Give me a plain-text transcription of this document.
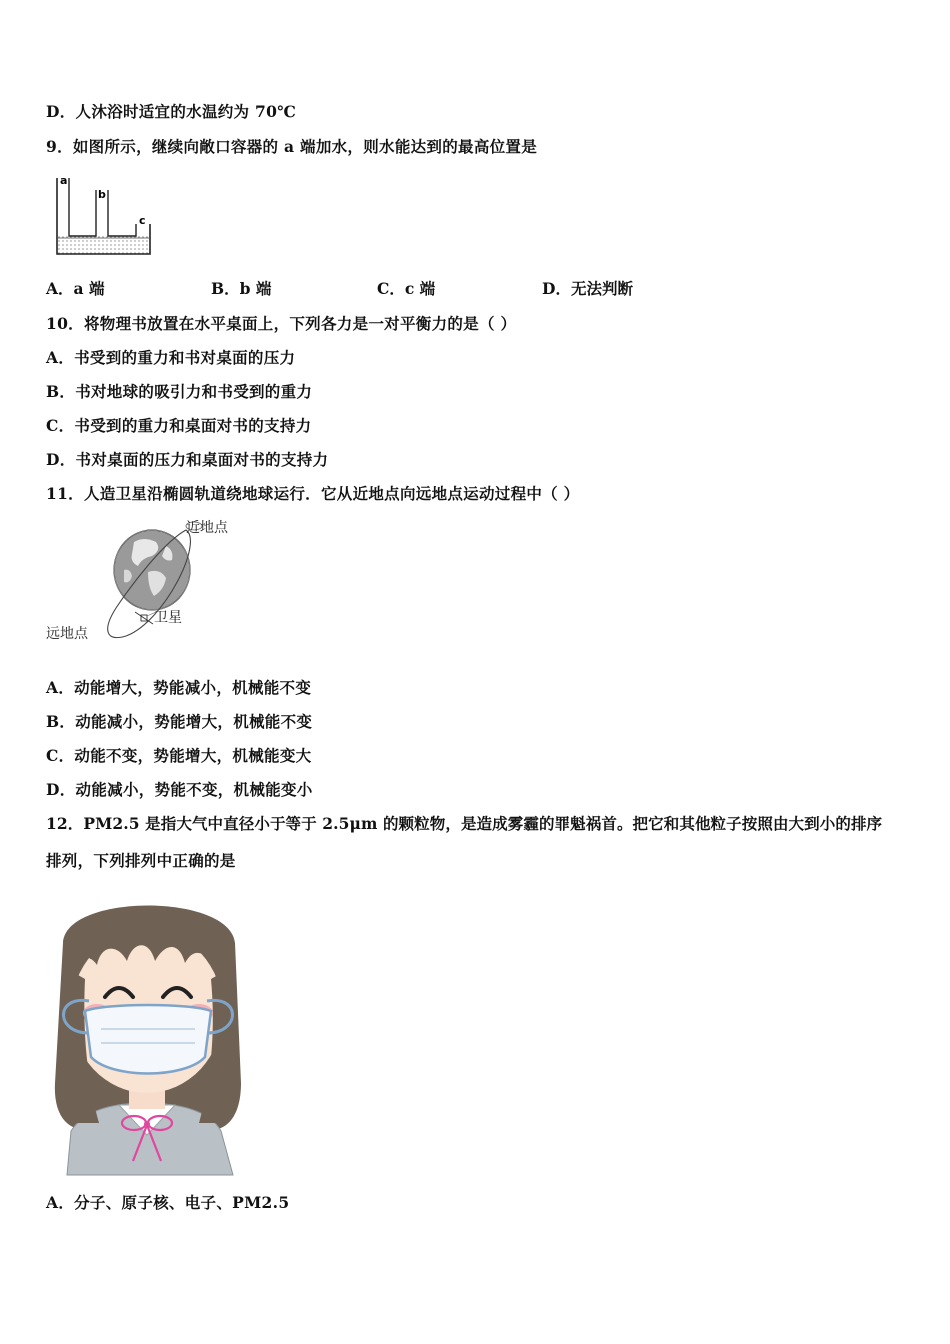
D．人沐浴时适宜的水温约为 70℃
9．如图所示，继续向敞口容器的 a 端加水，则水能达到的最高位置是
a
b
c
A．a 端	B．b 端	C．c 端	D．无法判断
10．将物理书放置在水平桌面上，下列各力是一对平衡力的是（ ）
A．书受到的重力和书对桌面的压力
B．书对地球的吸引力和书受到的重力
C．书受到的重力和桌面对书的支持力
D．书对桌面的压力和桌面对书的支持力
11．人造卫星沿椭圆轨道绕地球运行．它从近地点向远地点运动过程中（ ）
近地点
卫星
远地点
A．动能增大，势能减小，机械能不变
B．动能减小，势能增大，机械能不变
C．动能不变，势能增大，机械能变大
D．动能减小，势能不变，机械能变小
12．PM2.5 是指大气中直径小于等于 2.5μm 的颗粒物，是造成雾霾的罪魁祸首。把它和其他粒子按照由大到小的排序
排列，下列排列中正确的是
A．分子、原子核、电子、PM2.5
